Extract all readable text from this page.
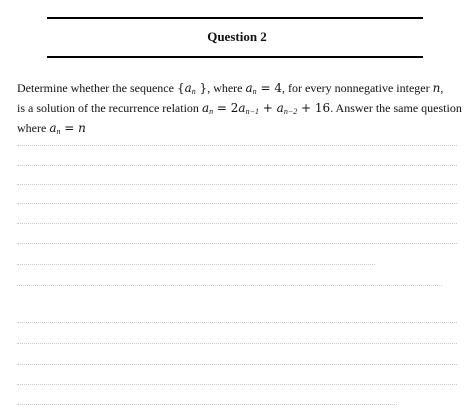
Question 2
Determine whether the sequence {$a_n$ }, where $a_n = 4$, for every nonnegative integer n,
is a solution of the recurrence relation $a_n = 2a_{n-1} + a_{n-2} + 16$. Answer the same question
where $a_n = n$
